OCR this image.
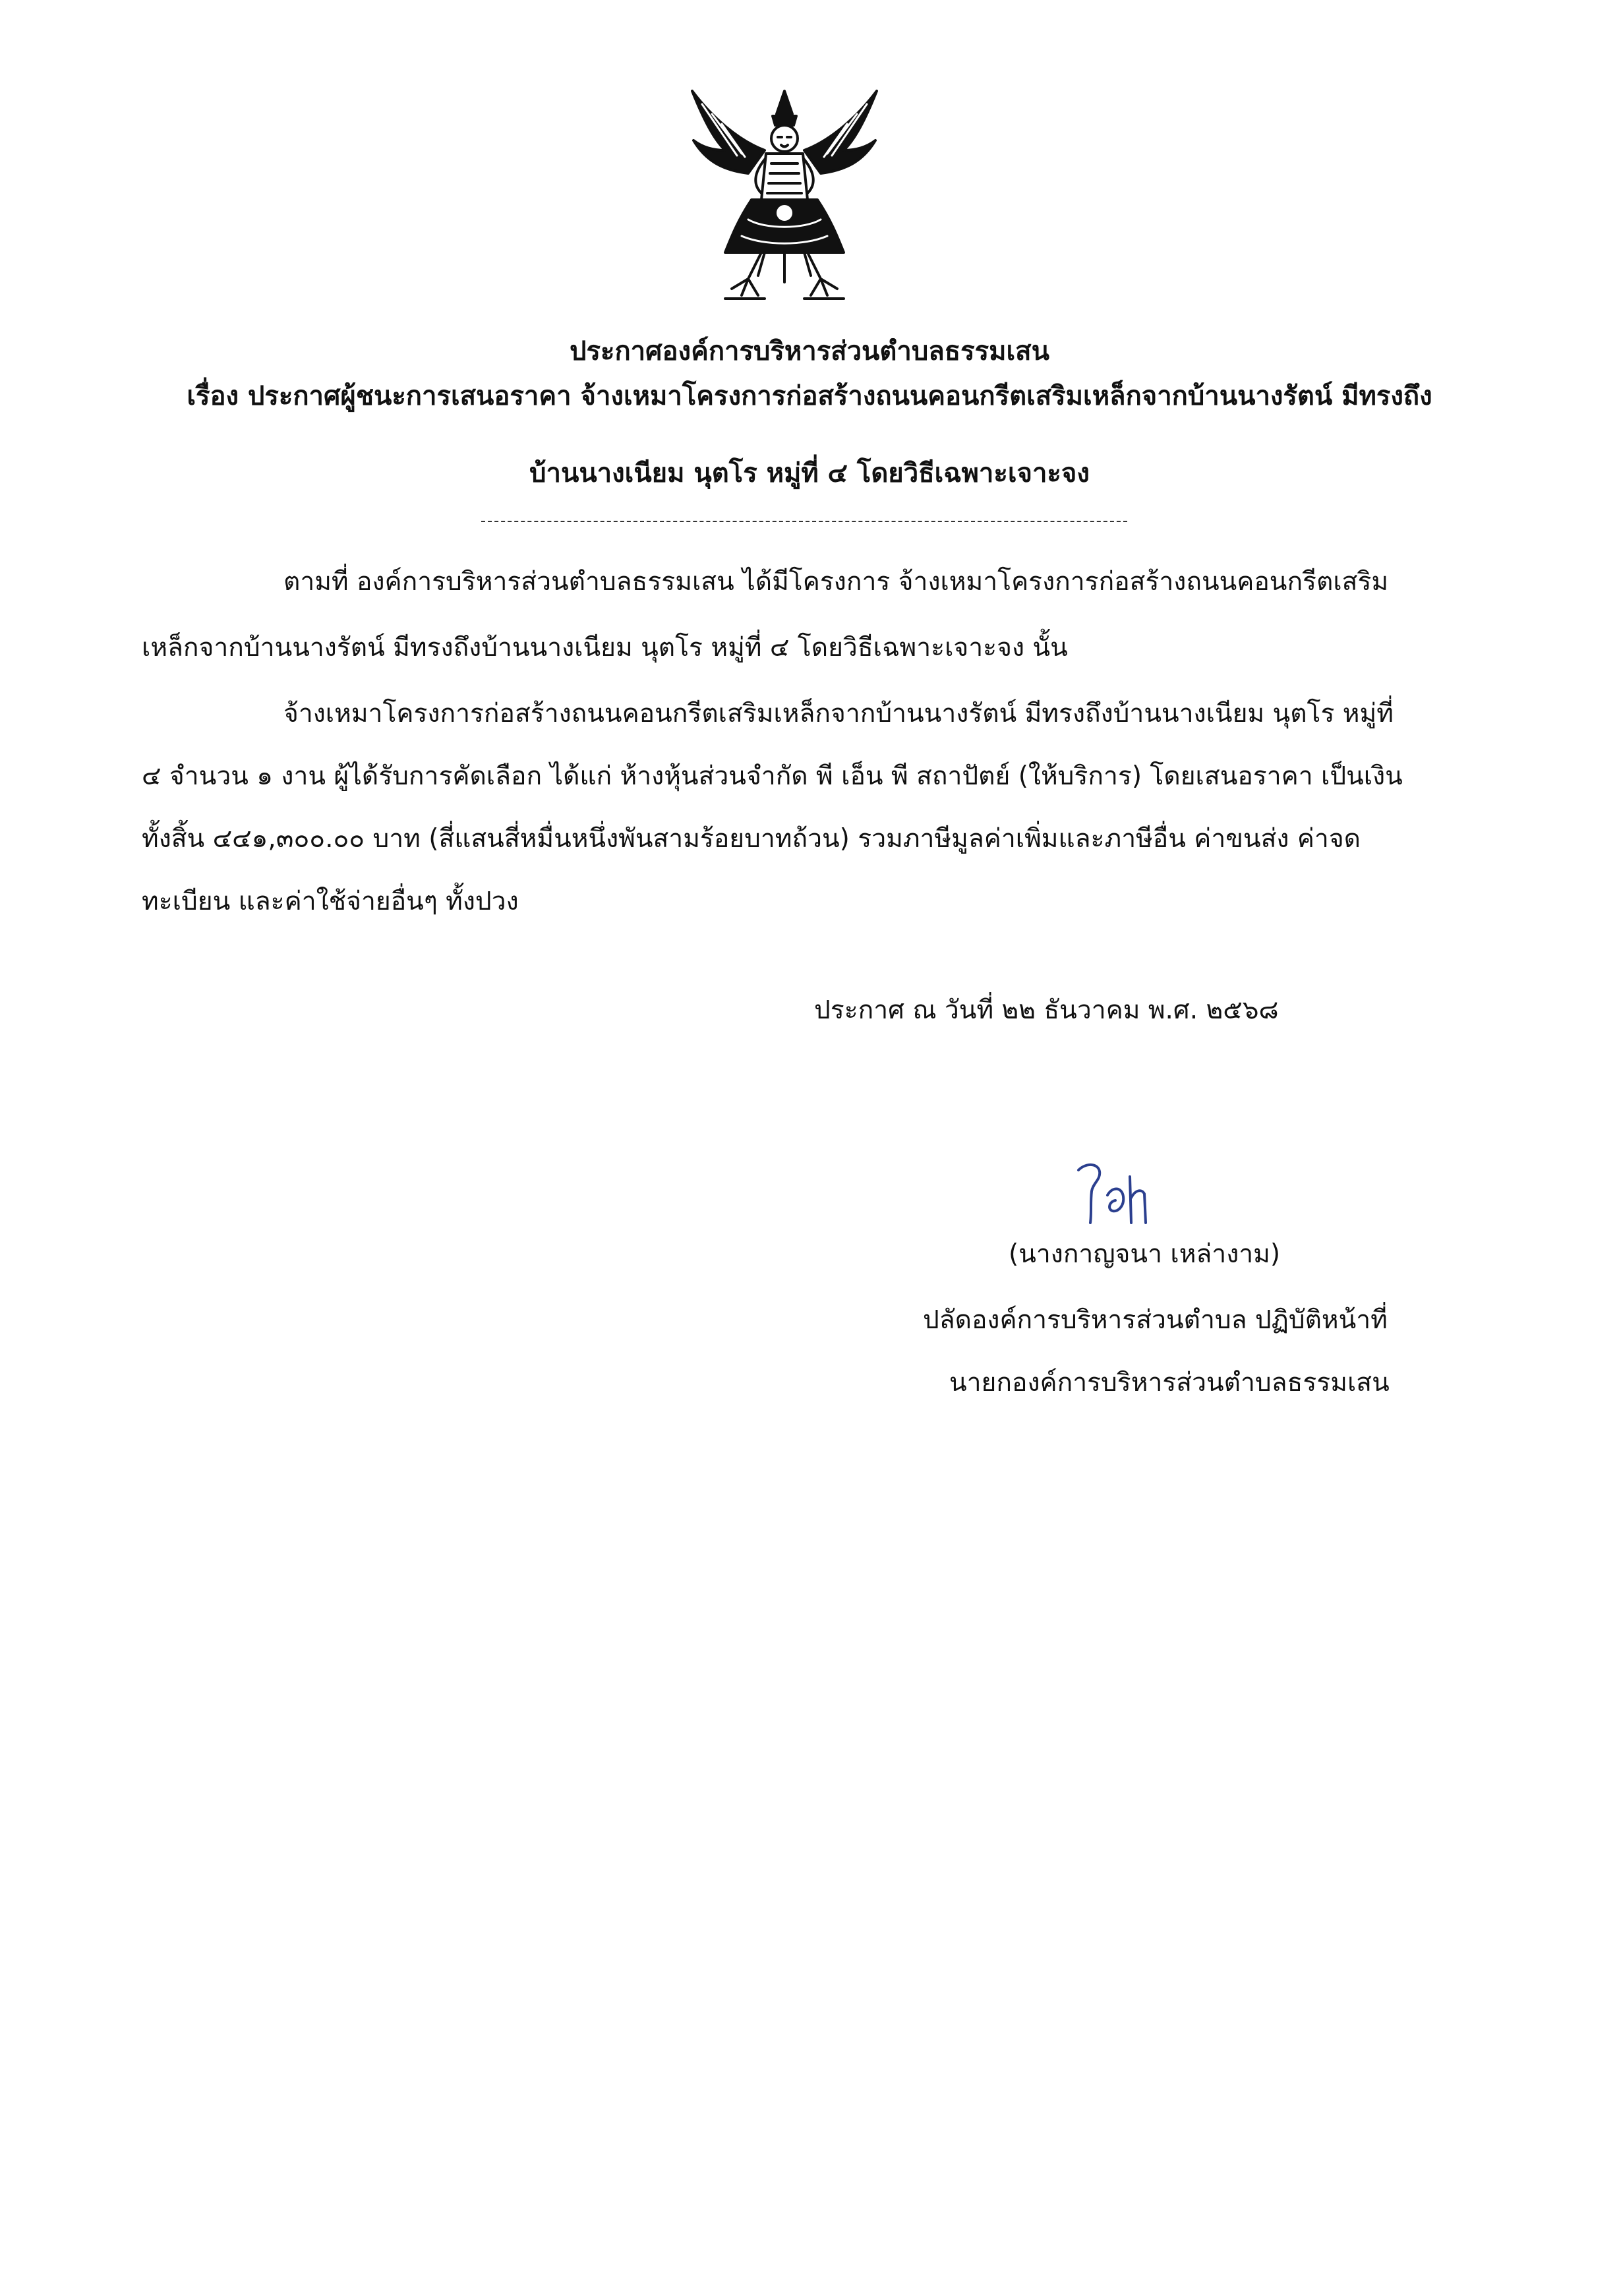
ประกาศองค์การบริหารส่วนตำบลธรรมเสน
เรื่อง ประกาศผู้ชนะการเสนอราคา จ้างเหมาโครงการก่อสร้างถนนคอนกรีตเสริมเหล็กจากบ้านนางรัตน์ มีทรงถึง
บ้านนางเนียม นุตโร หมู่ที่ ๔ โดยวิธีเฉพาะเจาะจง
ตามที่ องค์การบริหารส่วนตำบลธรรมเสน ได้มีโครงการ จ้างเหมาโครงการก่อสร้างถนนคอนกรีตเสริม
เหล็กจากบ้านนางรัตน์ มีทรงถึงบ้านนางเนียม นุตโร หมู่ที่ ๔ โดยวิธีเฉพาะเจาะจง นั้น
จ้างเหมาโครงการก่อสร้างถนนคอนกรีตเสริมเหล็กจากบ้านนางรัตน์ มีทรงถึงบ้านนางเนียม นุตโร หมู่ที่
๔ จำนวน ๑ งาน ผู้ได้รับการคัดเลือก ได้แก่ ห้างหุ้นส่วนจำกัด พี เอ็น พี สถาปัตย์ (ให้บริการ) โดยเสนอราคา เป็นเงิน
ทั้งสิ้น ๔๔๑,๓๐๐.๐๐ บาท (สี่แสนสี่หมื่นหนึ่งพันสามร้อยบาทถ้วน) รวมภาษีมูลค่าเพิ่มและภาษีอื่น ค่าขนส่ง ค่าจด
ทะเบียน และค่าใช้จ่ายอื่นๆ ทั้งปวง
ประกาศ ณ วันที่ ๒๒ ธันวาคม พ.ศ. ๒๕๖๘
(นางกาญจนา เหล่างาม)
ปลัดองค์การบริหารส่วนตำบล ปฏิบัติหน้าที่
นายกองค์การบริหารส่วนตำบลธรรมเสน
